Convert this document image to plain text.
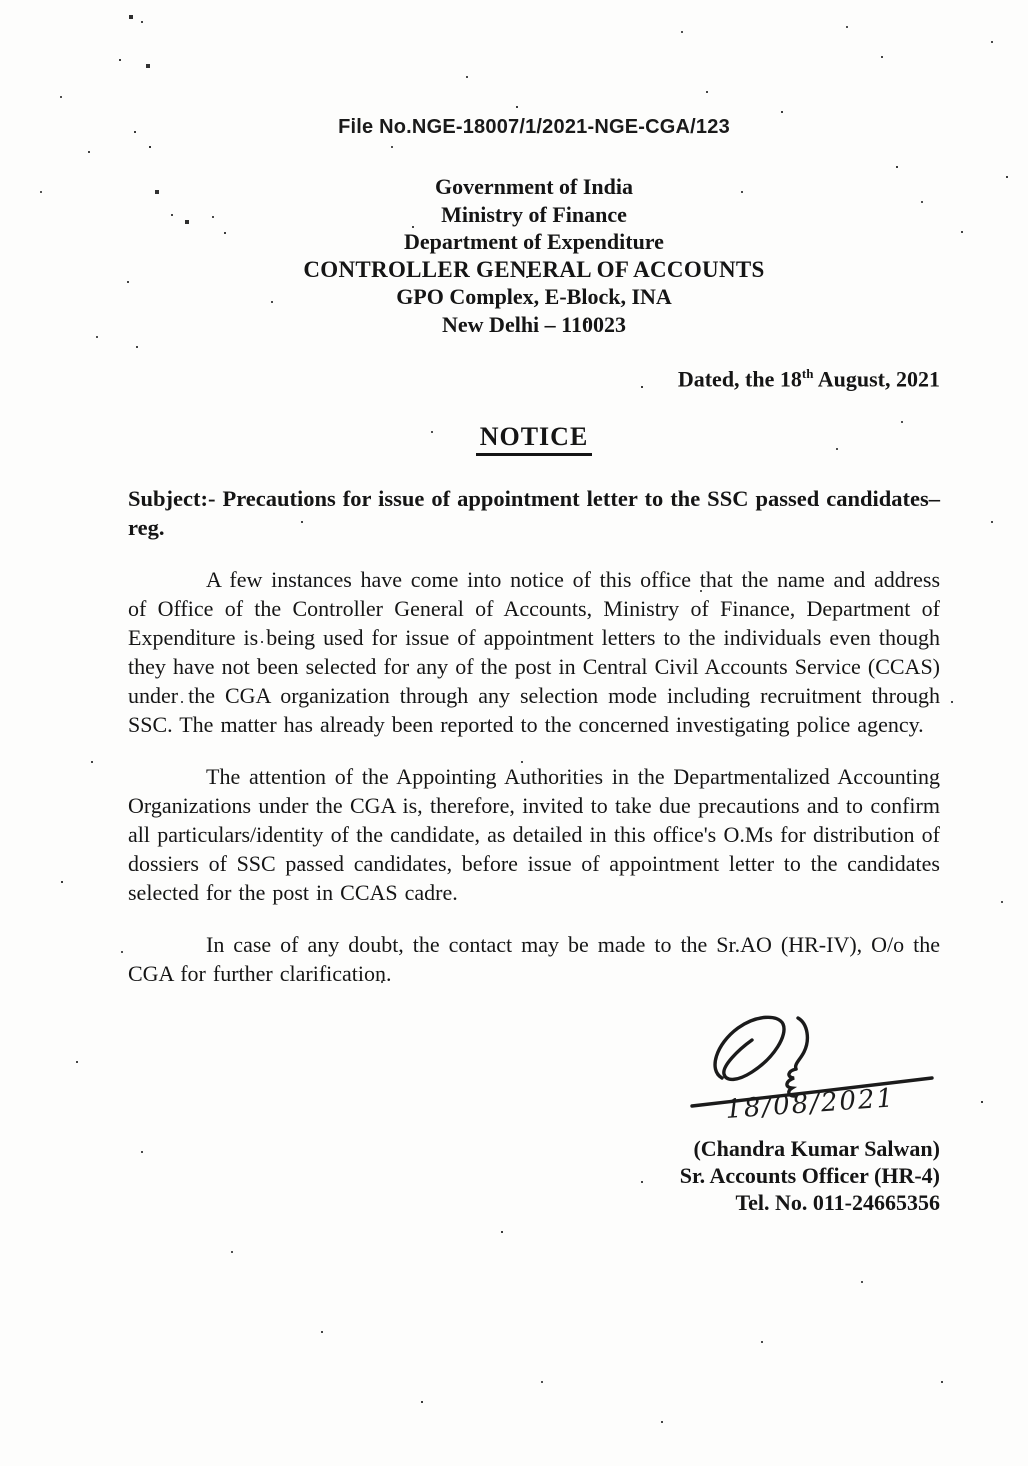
File No.NGE-18007/1/2021-NGE-CGA/123
Government of India
Ministry of Finance
Department of Expenditure
CONTROLLER GENERAL OF ACCOUNTS
GPO Complex, E-Block, INA
New Delhi – 110023
Dated, the 18th August, 2021
NOTICE

Subject:- Precautions for issue of appointment letter to the SSC passed candidates– reg.

A few instances have come into notice of this office that the name and address of Office of the Controller General of Accounts, Ministry of Finance, Department of Expenditure is being used for issue of appointment letters to the individuals even though they have not been selected for any of the post in Central Civil Accounts Service (CCAS) under the CGA organization through any selection mode including recruitment through SSC. The matter has already been reported to the concerned investigating police agency.

The attention of the Appointing Authorities in the Departmentalized Accounting Organizations under the CGA is, therefore, invited to take due precautions and to confirm all particulars/identity of the candidate, as detailed in this office's O.Ms for distribution of dossiers of SSC passed candidates, before issue of appointment letter to the candidates selected for the post in CCAS cadre.

In case of any doubt, the contact may be made to the Sr.AO (HR-IV), O/o the CGA for further clarification.

18/08/2021
(Chandra Kumar Salwan)
Sr. Accounts Officer (HR-4)
Tel. No. 011-24665356
